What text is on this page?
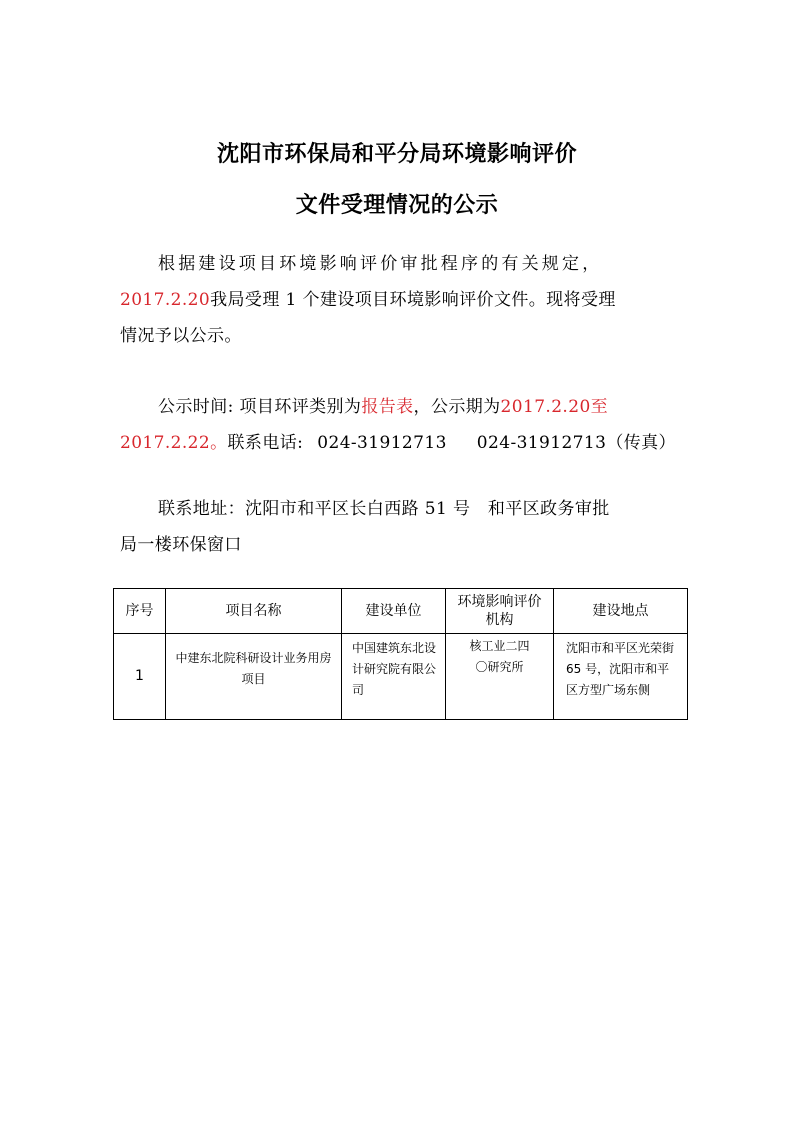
沈阳市环保局和平分局环境影响评价
文件受理情况的公示
根据建设项目环境影响评价审批程序的有关规定，
2017.2.20我局受理 1 个建设项目环境影响评价文件。现将受理
情况予以公示。
公示时间: 项目环评类别为报告表，公示期为2017.2.20至
2017.2.22。联系电话: 024-31912713 024-31912713（传真）
联系地址：沈阳市和平区长白西路 51 号　和平区政务审批
局一楼环保窗口
序号	项目名称	建设单位	环境影响评价机构	建设地点
1	中建东北院科研设计业务用房项目	中国建筑东北设计研究院有限公司	核工业二四〇研究所	沈阳市和平区光荣街 65 号，沈阳市和平区方型广场东侧
